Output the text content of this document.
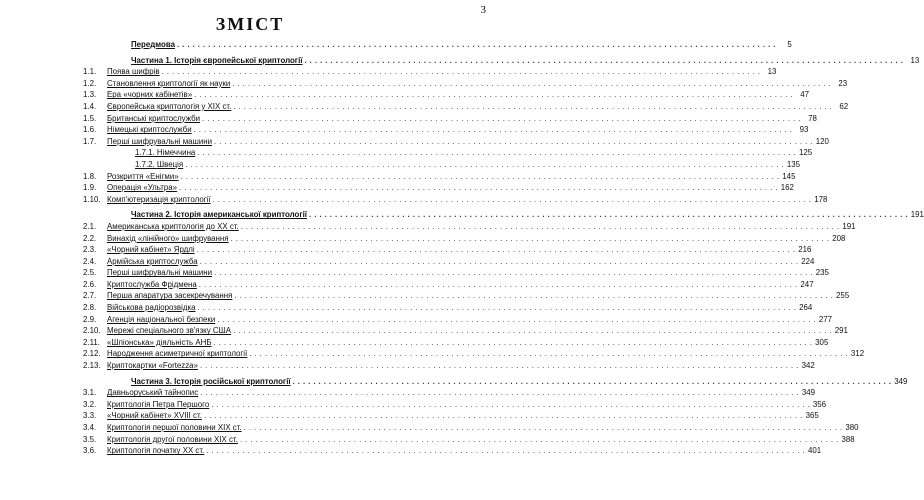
3
ЗМІСТ
Передмова . . .	5
Частина 1. Історія європейської криптології . . .	13
1.1.	Поява шифрів . . .	13
1.2.	Становлення криптології як науки . . .	23
1.3.	Ера «чорних кабінетів» . . .	47
1.4.	Європейська криптологія у ХІХ ст. . . .	62
1.5.	Британські криптослужби . . .	78
1.6.	Німецькі криптослужби . . .	93
1.7.	Перші шифрувальні машини . . .	120
1.7.1. Німеччина . . .	125
1.7.2. Швеція . . .	135
1.8.	Розкриття «Енігми» . . .	145
1.9.	Операція «Ультра» . . .	162
1.10. Комп'ютеризація криптології . . .	178
Частина 2. Історія американської криптології . . .	191
2.1.	Американська криптологія до ХХ ст. . . .	191
2.2.	Винахід «лінійного» шифрування . . .	208
2.3.	«Чорний кабінет» Ярдлі . . .	216
2.4.	Армійська криптослужба . . .	224
2.5.	Перші шифрувальні машини . . .	235
2.6.	Криптослужба Фрідмена . . .	247
2.7.	Перша апаратура засекречування . . .	255
2.8.	Військова радіорозвідка . . .	264
2.9.	Агенція національної безпеки . . .	277
2.10. Мережі спеціального зв'язку США . . .	291
2.11. «Шпіонська» діяльність АНБ . . .	305
2.12. Народження асиметричної криптології . . .	312
2.13. Криптокартки «Fortezza» . . .	342
Частина 3. Історія російської криптології . . .	349
3.1.	Давньоруський тайнопис . . .	349
3.2.	Криптологія Петра Першого . . .	356
3.3.	«Чорний кабінет» XVIII ст. . . .	365
3.4.	Криптологія першої половини ХІХ ст. . . .	380
3.5.	Криптологія другої половини ХІХ ст. . . .	388
3.6.	Криптологія початку ХХ ст. . . .	401
